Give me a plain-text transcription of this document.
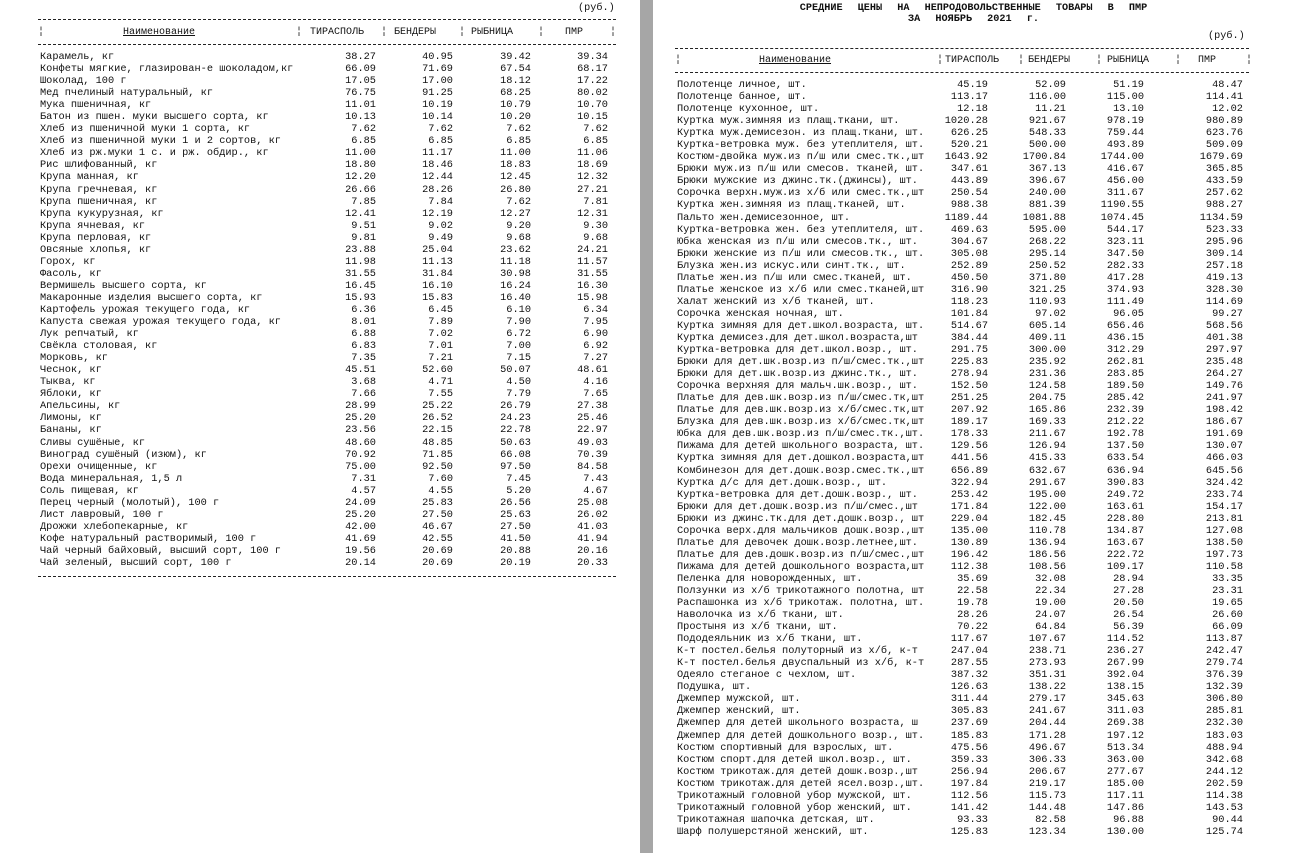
(руб.)
¦	Наименование	¦ ТИРАСПОЛЬ ¦ БЕНДЕРЫ ¦ РЫБНИЦА ¦ ПМР	¦
Карамель, кг	38.27	40.95	39.42	39.34
Конфеты мягкие, глазирован-е шоколадом,кг	66.09	71.69	67.54	68.17
Шоколад, 100 г	17.05	17.00	18.12	17.22
Мед пчелиный натуральный, кг	76.75	91.25	68.25	80.02
Мука пшеничная, кг	11.01	10.19	10.79	10.70
Батон из пшен. муки высшего сорта, кг	10.13	10.14	10.20	10.15
Хлеб из пшеничной муки 1 сорта, кг	7.62	7.62	7.62	7.62
Хлеб из пшеничной муки 1 и 2 сортов, кг	6.85	6.85	6.85	6.85
Хлеб из рж.муки 1 с. и рж. обдир., кг	11.00	11.17	11.00	11.06
Рис шлифованный, кг	18.80	18.46	18.83	18.69
Крупа манная, кг	12.20	12.44	12.45	12.32
Крупа гречневая, кг	26.66	28.26	26.80	27.21
Крупа пшеничная, кг	7.85	7.84	7.62	7.81
Крупа кукурузная, кг	12.41	12.19	12.27	12.31
Крупа ячневая, кг	9.51	9.02	9.20	9.30
Крупа перловая, кг	9.81	9.49	9.68	9.68
Овсяные хлопья, кг	23.88	25.04	23.62	24.21
Горох, кг	11.98	11.13	11.18	11.57
Фасоль, кг	31.55	31.84	30.98	31.55
Вермишель высшего сорта, кг	16.45	16.10	16.24	16.30
Макаронные изделия высшего сорта, кг	15.93	15.83	16.40	15.98
Картофель урожая текущего года, кг	6.36	6.45	6.10	6.34
Капуста свежая урожая текущего года, кг	8.01	7.89	7.90	7.95
Лук репчатый, кг	6.88	7.02	6.72	6.90
Свёкла столовая, кг	6.83	7.01	7.00	6.92
Морковь, кг	7.35	7.21	7.15	7.27
Чеснок, кг	45.51	52.60	50.07	48.61
Тыква, кг	3.68	4.71	4.50	4.16
Яблоки, кг	7.66	7.55	7.79	7.65
Апельсины, кг	28.99	25.22	26.79	27.38
Лимоны, кг	25.20	26.52	24.23	25.46
Бананы, кг	23.56	22.15	22.78	22.97
Сливы сушёные, кг	48.60	48.85	50.63	49.03
Виноград сушёный (изюм), кг	70.92	71.85	66.08	70.39
Орехи очищенные, кг	75.00	92.50	97.50	84.58
Вода минеральная, 1,5 л	7.31	7.60	7.45	7.43
Соль пищевая, кг	4.57	4.55	5.20	4.67
Перец черный (молотый), 100 г	24.09	25.83	26.56	25.08
Лист лавровый, 100 г	25.20	27.50	25.63	26.02
Дрожжи хлебопекарные, кг	42.00	46.67	27.50	41.03
Кофе натуральный растворимый, 100 г	41.69	42.55	41.50	41.94
Чай черный байховый, высший сорт, 100 г	19.56	20.69	20.88	20.16
Чай зеленый, высший сорт, 100 г	20.14	20.69	20.19	20.33
СРЕДНИЕ ЦЕНЫ НА НЕПРОДОВОЛЬСТВЕННЫЕ ТОВАРЫ В ПМР
ЗА НОЯБРЬ 2021 г.
(руб.)
¦	Наименование	¦ ТИРАСПОЛЬ ¦ БЕНДЕРЫ	¦ РЫБНИЦА	¦ ПМР	¦
Полотенце личное, шт.	45.19	52.09	51.19	48.47
Полотенце банное, шт.	113.17	116.00	115.00	114.41
Полотенце кухонное, шт.	12.18	11.21	13.10	12.02
Куртка муж.зимняя из плащ.ткани, шт.	1020.28	921.67	978.19	980.89
Куртка муж.демисезон. из плащ.ткани, шт.	626.25	548.33	759.44	623.76
Куртка-ветровка муж. без утеплителя, шт.	520.21	500.00	493.89	509.09
Костюм-двойка муж.из п/ш или смес.тк.,шт	1643.92	1700.84	1744.00	1679.69
Брюки муж.из п/ш или смесов. тканей, шт.	347.61	367.13	416.67	365.85
Брюки мужские из джинс.тк.(джинсы), шт.	443.89	396.67	456.00	433.59
Сорочка верхн.муж.из х/б или смес.тк.,шт	250.54	240.00	311.67	257.62
Куртка жен.зимняя из плащ.тканей, шт.	988.38	881.39	1190.55	988.27
Пальто жен.демисезонное, шт.	1189.44	1081.88	1074.45	1134.59
Куртка-ветровка жен. без утеплителя, шт.	469.63	595.00	544.17	523.33
Юбка женская из п/ш или смесов.тк., шт.	304.67	268.22	323.11	295.96
Брюки женские из п/ш или смесов.тк., шт.	305.08	295.14	347.50	309.14
Блузка жен.из искус.или синт.тк., шт.	252.89	250.52	282.33	257.18
Платье жен.из п/ш или смес.тканей, шт.	450.50	371.80	417.28	419.13
Платье женское из х/б или смес.тканей,шт	316.90	321.25	374.93	328.30
Халат женский из х/б тканей, шт.	118.23	110.93	111.49	114.69
Сорочка женская ночная, шт.	101.84	97.02	96.05	99.27
Куртка зимняя для дет.школ.возраста, шт.	514.67	605.14	656.46	568.56
Куртка демисез.для дет.школ.возраста,шт	384.44	409.11	436.15	401.38
Куртка-ветровка для дет.школ.возр., шт.	291.75	300.00	312.29	297.97
Брюки для дет.шк.возр.из п/ш/смес.тк.,шт	225.83	235.92	262.81	235.48
Брюки для дет.шк.возр.из джинс.тк., шт.	278.94	231.36	283.85	264.27
Сорочка верхняя для мальч.шк.возр., шт.	152.50	124.58	189.50	149.76
Платье для дев.шк.возр.из п/ш/смес.тк,шт	251.25	204.75	285.42	241.97
Платье для дев.шк.возр.из х/б/смес.тк,шт	207.92	165.86	232.39	198.42
Блузка для дев.шк.возр.из х/б/смес.тк,шт	189.17	169.33	212.22	186.67
Юбка для дев.шк.возр.из п/ш/смес.тк.,шт.	178.33	211.67	192.78	191.69
Пижама для детей школьного возраста, шт.	129.56	126.94	137.50	130.07
Куртка зимняя для дет.дошкол.возраста,шт	441.56	415.33	633.54	466.03
Комбинезон для дет.дошк.возр.смес.тк.,шт	656.89	632.67	636.94	645.56
Куртка д/с для дет.дошк.возр., шт.	322.94	291.67	390.83	324.42
Куртка-ветровка для дет.дошк.возр., шт.	253.42	195.00	249.72	233.74
Брюки для дет.дошк.возр.из п/ш/смес.,шт	171.84	122.00	163.61	154.17
Брюки из джинс.тк.для дет.дошк.возр., шт	229.04	182.45	228.80	213.81
Сорочка верх.для мальчиков дошк.возр.,шт	135.00	110.78	134.87	127.08
Платье для девочек дошк.возр.летнее,шт.	130.89	136.94	163.67	138.50
Платье для дев.дошк.возр.из п/ш/смес.,шт	196.42	186.56	222.72	197.73
Пижама для детей дошкольного возраста,шт	112.38	108.56	109.17	110.58
Пеленка для новорожденных, шт.	35.69	32.08	28.94	33.35
Ползунки из х/б трикотажного полотна, шт	22.58	22.34	27.28	23.31
Распашонка из х/б трикотаж. полотна, шт.	19.78	19.00	20.50	19.65
Наволочка из х/б ткани, шт.	28.26	24.07	26.54	26.60
Простыня из х/б ткани, шт.	70.22	64.84	56.39	66.09
Пододеяльник из х/б ткани, шт.	117.67	107.67	114.52	113.87
К-т постел.белья полуторный из х/б, к-т	247.04	238.71	236.27	242.47
К-т постел.белья двуспальный из х/б, к-т	287.55	273.93	267.99	279.74
Одеяло стеганое с чехлом, шт.	387.32	351.31	392.04	376.39
Подушка, шт.	126.63	138.22	138.15	132.39
Джемпер мужской, шт.	311.44	279.17	345.63	306.80
Джемпер женский, шт.	305.83	241.67	311.03	285.81
Джемпер для детей школьного возраста, ш	237.69	204.44	269.38	232.30
Джемпер для детей дошкольного возр., шт.	185.83	171.28	197.12	183.03
Костюм спортивный для взрослых, шт.	475.56	496.67	513.34	488.94
Костюм спорт.для детей школ.возр., шт.	359.33	306.33	363.00	342.68
Костюм трикотаж.для детей дошк.возр.,шт	256.94	206.67	277.67	244.12
Костюм трикотаж.для детей ясел.возр.,шт.	197.84	219.17	185.00	202.59
Трикотажный головной убор мужской, шт.	112.56	115.73	117.11	114.38
Трикотажный головной убор женский, шт.	141.42	144.48	147.86	143.53
Трикотажная шапочка детская, шт.	93.33	82.58	96.88	90.44
Шарф полушерстяной женский, шт.	125.83	123.34	130.00	125.74
